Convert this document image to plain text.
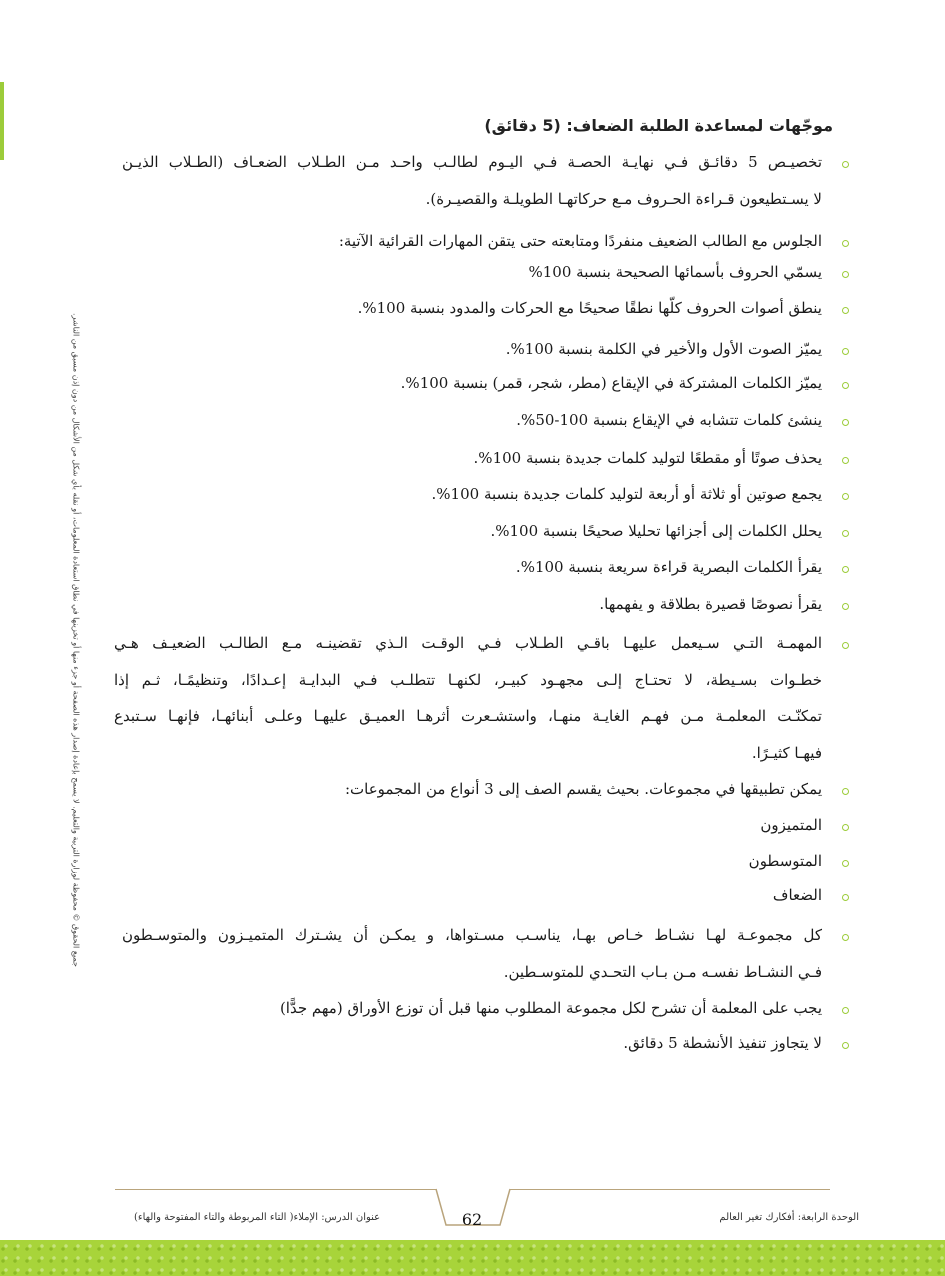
جميع الحقوق © محفوظة لوزارة التربية والتعليم. لا يسمح بإعادة إصدار هذه الصفحة أو جزء منها أو تخزينها في نطاق استعادة المعلومات، أو نقله بأي شكل من الأشكال من دون إذن مسبق من الناشر.
موجّهات لمساعدة الطلبة الضعاف: (5 دقائق)
تخصيـص 5 دقائـق فـي نهايـة الحصـة فـي اليـوم لطالـب واحـد مـن الطـلاب الضعـاف (الطـلاب الذيـن
لا يسـتطيعون قـراءة الحـروف مـع حركاتهـا الطويلـة والقصيـرة).
الجلوس مع الطالب الضعيف منفردًا ومتابعته حتى يتقن المهارات القرائية الآتية:
يسمّي الحروف بأسمائها الصحيحة بنسبة 100%
ينطق أصوات الحروف كلّها نطقًا صحيحًا مع الحركات والمدود بنسبة 100%.
يميّز الصوت الأول والأخير في الكلمة بنسبة 100%.
يميّز الكلمات المشتركة في الإيقاع (مطر، شجر، قمر) بنسبة 100%.
ينشئ كلمات تتشابه في الإيقاع بنسبة 100-50%.
يحذف صوتًا أو مقطعًا لتوليد كلمات جديدة بنسبة 100%.
يجمع صوتين أو ثلاثة أو أربعة لتوليد كلمات جديدة بنسبة 100%.
يحلل الكلمات إلى أجزائها تحليلا صحيحًا بنسبة 100%.
يقرأ الكلمات البصرية قراءة سريعة بنسبة 100%.
يقرأ نصوصًا قصيرة بطلاقة و يفهمها.
المهمـة التـي سـيعمل عليهـا باقـي الطـلاب فـي الوقـت الـذي تقضينـه مـع الطالـب الضعيـف هـي
خطـوات بسـيطة، لا تحتـاج إلـى مجهـود كبيـر، لكنهـا تتطلـب فـي البدايـة إعـدادًا، وتنظيمًـا، ثـم إذا
تمكنّـت المعلمـة مـن فهـم الغايـة منهـا، واستشـعرت أثرهـا العميـق عليهـا وعلـى أبنائهـا، فإنهـا سـتبدع
فيهـا كثيـرًا.
يمكن تطبيقها في مجموعات. بحيث يقسم الصف إلى 3 أنواع من المجموعات:
المتميزون
المتوسطون
الضعاف
كل مجموعـة لهـا نشـاط خـاص بهـا، يناسـب مسـتواها، و يمكـن أن يشـترك المتميـزون والمتوسـطون
فـي النشـاط نفسـه مـن بـاب التحـدي للمتوسـطين.
يجب على المعلمة أن تشرح لكل مجموعة المطلوب منها قبل أن توزع الأوراق (مهم جدًّا)
لا يتجاوز تنفيذ الأنشطة 5 دقائق.
62	الوحدة الرابعة: أفكارك تغير العالم
عنوان الدرس: الإملاء( التاء المربوطة والتاء المفتوحة والهاء)
